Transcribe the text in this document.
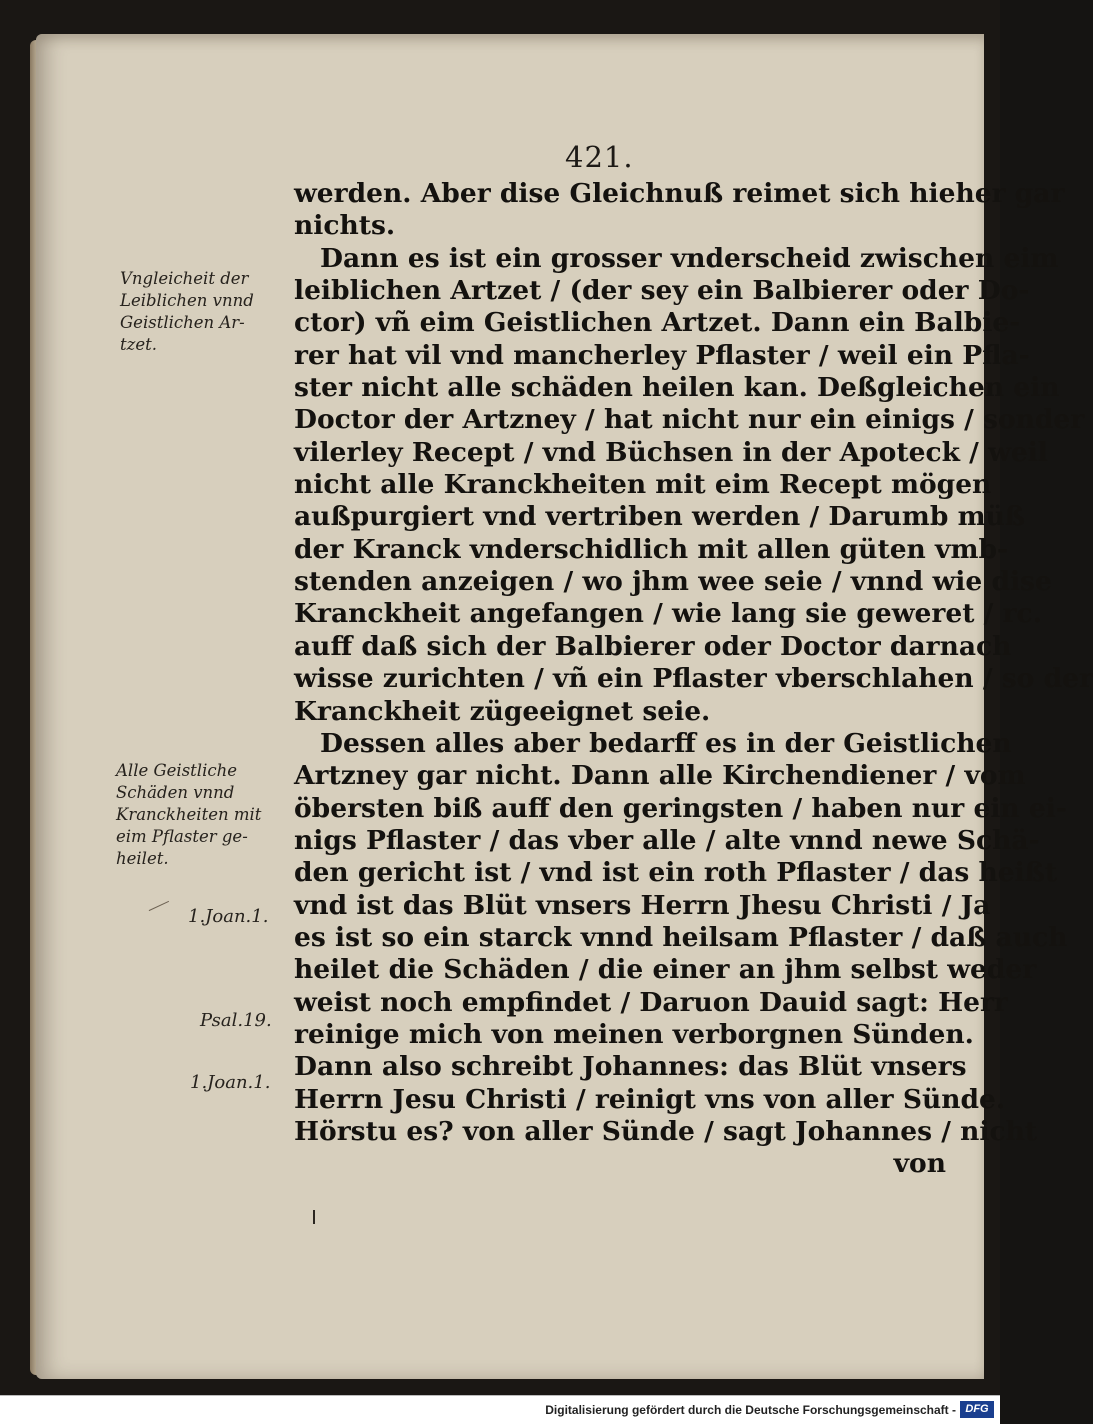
421.
Vngleicheit der
Leiblichen vnnd
Geistlichen Ar-
tzet.
Alle Geistliche
Schäden vnnd
Kranckheiten mit
eim Pflaster ge-
heilet.
1.Joan.1.
Psal.19.
1.Joan.1.
werden. Aber dise Gleichnuß reimet sich hieher gar
nichts.
Dann es ist ein grosser vnderscheid zwischen eim
leiblichen Artzet / (der sey ein Balbierer oder Do-
ctor) vñ eim Geistlichen Artzet. Dann ein Balbie-
rer hat vil vnd mancherley Pflaster / weil ein Pfla-
ster nicht alle schäden heilen kan. Deßgleichen ein
Doctor der Artzney / hat nicht nur ein einigs / sonder
vilerley Recept / vnd Büchsen in der Apoteck / weil
nicht alle Kranckheiten mit eim Recept mögen
außpurgiert vnd vertriben werden / Darumb müß
der Kranck vnderschidlich mit allen güten vmb-
stenden anzeigen / wo jhm wee seie / vnnd wie dise
Kranckheit angefangen / wie lang sie geweret / rc.
auff daß sich der Balbierer oder Doctor darnach
wisse zurichten / vñ ein Pflaster vberschlahen / so der
Kranckheit zügeeignet seie.
Dessen alles aber bedarff es in der Geistlichen
Artzney gar nicht. Dann alle Kirchendiener / vom
öbersten biß auff den geringsten / haben nur ein ei-
nigs Pflaster / das vber alle / alte vnnd newe Schä-
den gericht ist / vnd ist ein roth Pflaster / das heißt
vnd ist das Blüt vnsers Herrn Jhesu Christi / Ja
es ist so ein starck vnnd heilsam Pflaster / daß auch
heilet die Schäden / die einer an jhm selbst weder
weist noch empfindet / Daruon Dauid sagt: Herr
reinige mich von meinen verborgnen Sünden.
Dann also schreibt Johannes: das Blüt vnsers
Herrn Jesu Christi / reinigt vns von aller Sünde.
Hörstu es? von aller Sünde / sagt Johannes / nicht
von
Digitalisierung gefördert durch die Deutsche Forschungsgemeinschaft - DFG
